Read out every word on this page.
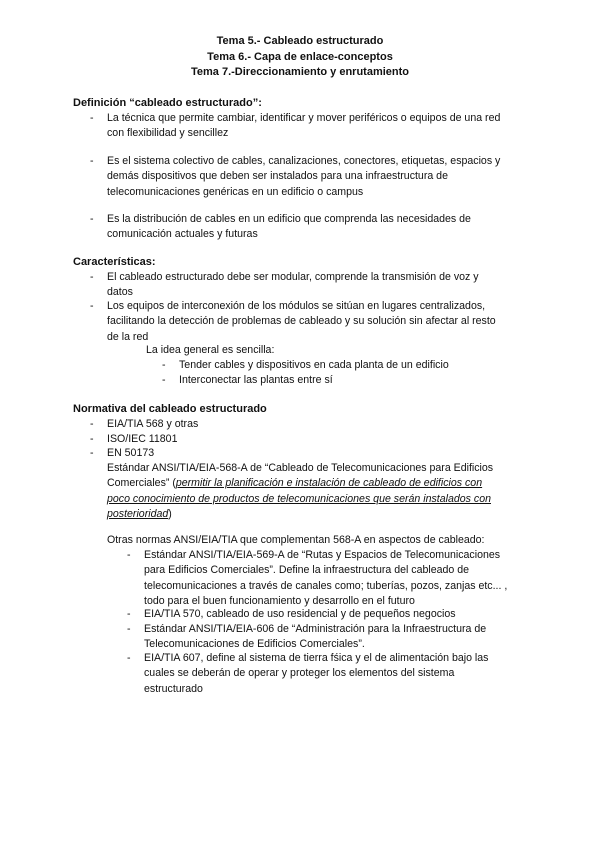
Tema 5.- Cableado estructurado
Tema 6.- Capa de enlace-conceptos
Tema 7.-Direccionamiento y enrutamiento
Definición “cableado estructurado”:
- La técnica que permite cambiar, identificar y mover periféricos o equipos de una red
con flexibilidad y sencillez
- Es el sistema colectivo de cables, canalizaciones, conectores, etiquetas, espacios y
demás dispositivos que deben ser instalados para una infraestructura de
telecomunicaciones genéricas en un edificio o campus
- Es la distribución de cables en un edificio que comprenda las necesidades de
comunicación actuales y futuras
Características:
- El cableado estructurado debe ser modular, comprende la transmisión de voz y
datos
- Los equipos de interconexión de los módulos se sitúan en lugares centralizados,
facilitando la detección de problemas de cableado y su solución sin afectar al resto
de la red
La idea general es sencilla:
- Tender cables y dispositivos en cada planta de un edificio
- Interconectar las plantas entre sí
Normativa del cableado estructurado
- EIA/TIA 568 y otras
- ISO/IEC 11801
- EN 50173
Estándar ANSI/TIA/EIA-568-A de “Cableado de Telecomunicaciones para Edificios
Comerciales” (permitir la planificación e instalación de cableado de edificios con
poco conocimiento de productos de telecomunicaciones que serán instalados con
posterioridad)
Otras normas ANSI/EIA/TIA que complementan 568-A en aspectos de cableado:
- Estándar ANSI/TIA/EIA-569-A de “Rutas y Espacios de Telecomunicaciones
para Edificios Comerciales”. Define la infraestructura del cableado de
telecomunicaciones a través de canales como; tuberías, pozos, zanjas etc... ,
todo para el buen funcionamiento y desarrollo en el futuro
- EIA/TIA 570, cableado de uso residencial y de pequeños negocios
- Estándar ANSI/TIA/EIA-606 de “Administración para la Infraestructura de
Telecomunicaciones de Edificios Comerciales”.
- EIA/TIA 607, define al sistema de tierra fśica y el de alimentación bajo las
cuales se deberán de operar y proteger los elementos del sistema
estructurado
